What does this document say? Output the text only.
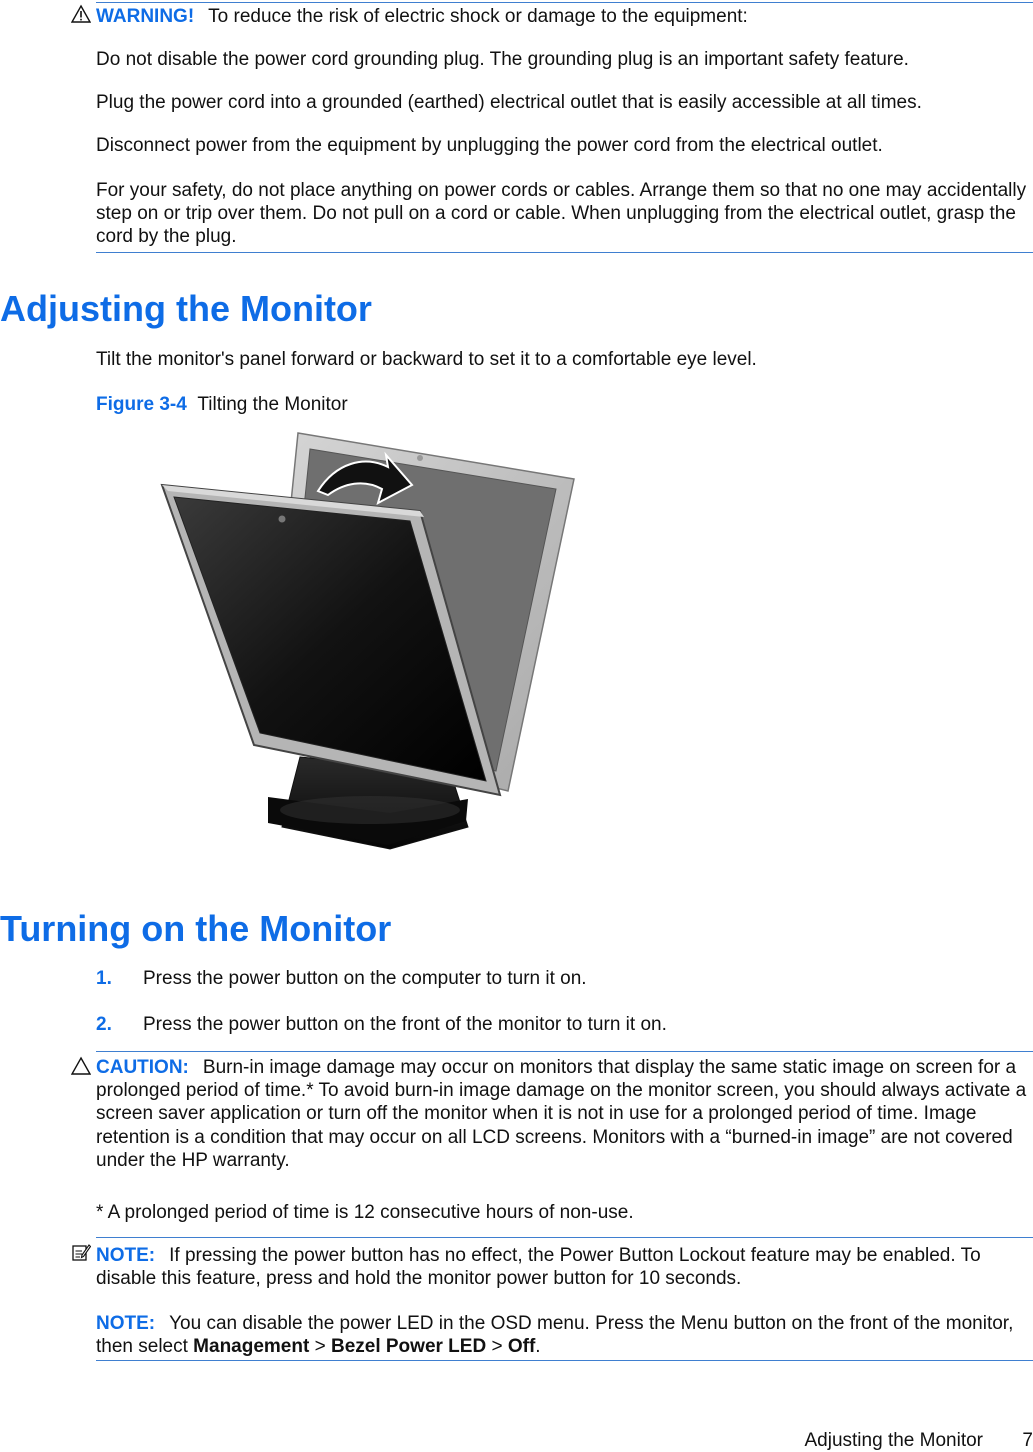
WARNING! To reduce the risk of electric shock or damage to the equipment:

Do not disable the power cord grounding plug. The grounding plug is an important safety feature.

Plug the power cord into a grounded (earthed) electrical outlet that is easily accessible at all times.

Disconnect power from the equipment by unplugging the power cord from the electrical outlet.

For your safety, do not place anything on power cords or cables. Arrange them so that no one may accidentally step on or trip over them. Do not pull on a cord or cable. When unplugging from the electrical outlet, grasp the cord by the plug.

Adjusting the Monitor

Tilt the monitor's panel forward or backward to set it to a comfortable eye level.

Figure 3-4 Tilting the Monitor

Turning on the Monitor
1. Press the power button on the computer to turn it on.
2. Press the power button on the front of the monitor to turn it on.

CAUTION: Burn-in image damage may occur on monitors that display the same static image on screen for a prolonged period of time.* To avoid burn-in image damage on the monitor screen, you should always activate a screen saver application or turn off the monitor when it is not in use for a prolonged period of time. Image retention is a condition that may occur on all LCD screens. Monitors with a “burned-in image” are not covered under the HP warranty.

* A prolonged period of time is 12 consecutive hours of non-use.

NOTE: If pressing the power button has no effect, the Power Button Lockout feature may be enabled. To disable this feature, press and hold the monitor power button for 10 seconds.

NOTE: You can disable the power LED in the OSD menu. Press the Menu button on the front of the monitor, then select Management > Bezel Power LED > Off.

Adjusting the Monitor 7
